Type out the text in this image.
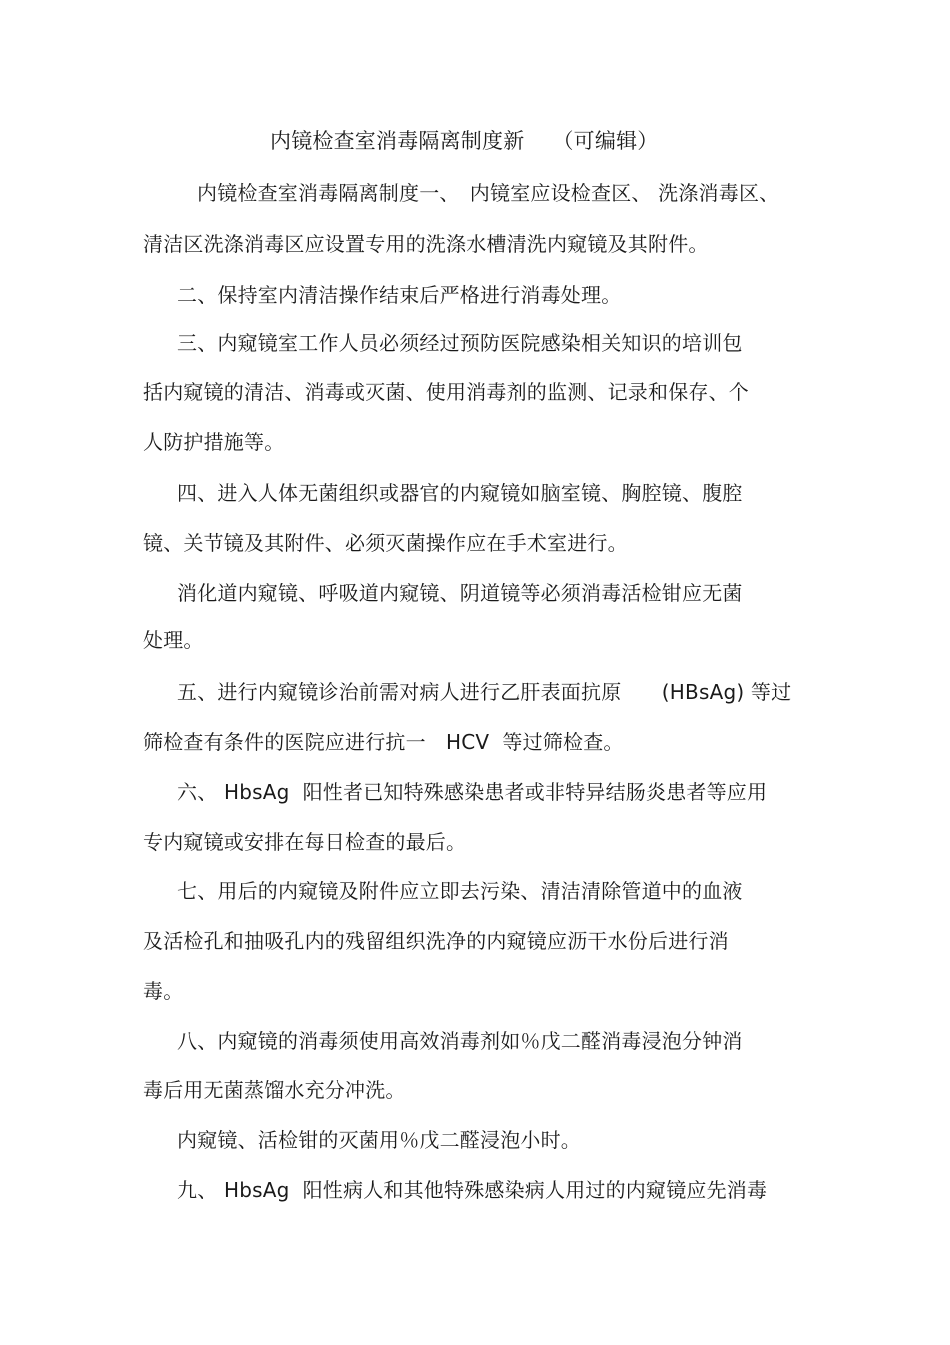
内镜检查室消毒隔离制度新　 （可编辑）
内镜检查室消毒隔离制度一、　内镜室应设检查区、 洗涤消毒区、
清洁区洗涤消毒区应设置专用的洗涤水槽清洗内窥镜及其附件。
二、保持室内清洁操作结束后严格进行消毒处理。
三、内窥镜室工作人员必须经过预防医院感染相关知识的培训包
括内窥镜的清洁、消毒或灭菌、使用消毒剂的监测、记录和保存、个
人防护措施等。
四、进入人体无菌组织或器官的内窥镜如脑室镜、胸腔镜、腹腔
镜、关节镜及其附件、必须灭菌操作应在手术室进行。
消化道内窥镜、呼吸道内窥镜、阴道镜等必须消毒活检钳应无菌
处理。
五、进行内窥镜诊治前需对病人进行乙肝表面抗原　　(HBsAg) 等过
筛检查有条件的医院应进行抗一　HCV  等过筛检查。
六、 HbsAg  阳性者已知特殊感染患者或非特异结肠炎患者等应用
专内窥镜或安排在每日检查的最后。
七、用后的内窥镜及附件应立即去污染、清洁清除管道中的血液
及活检孔和抽吸孔内的残留组织洗净的内窥镜应沥干水份后进行消
毒。
八、内窥镜的消毒须使用高效消毒剂如％戊二醛消毒浸泡分钟消
毒后用无菌蒸馏水充分冲洗。
内窥镜、活检钳的灭菌用％戊二醛浸泡小时。
九、 HbsAg  阳性病人和其他特殊感染病人用过的内窥镜应先消毒
